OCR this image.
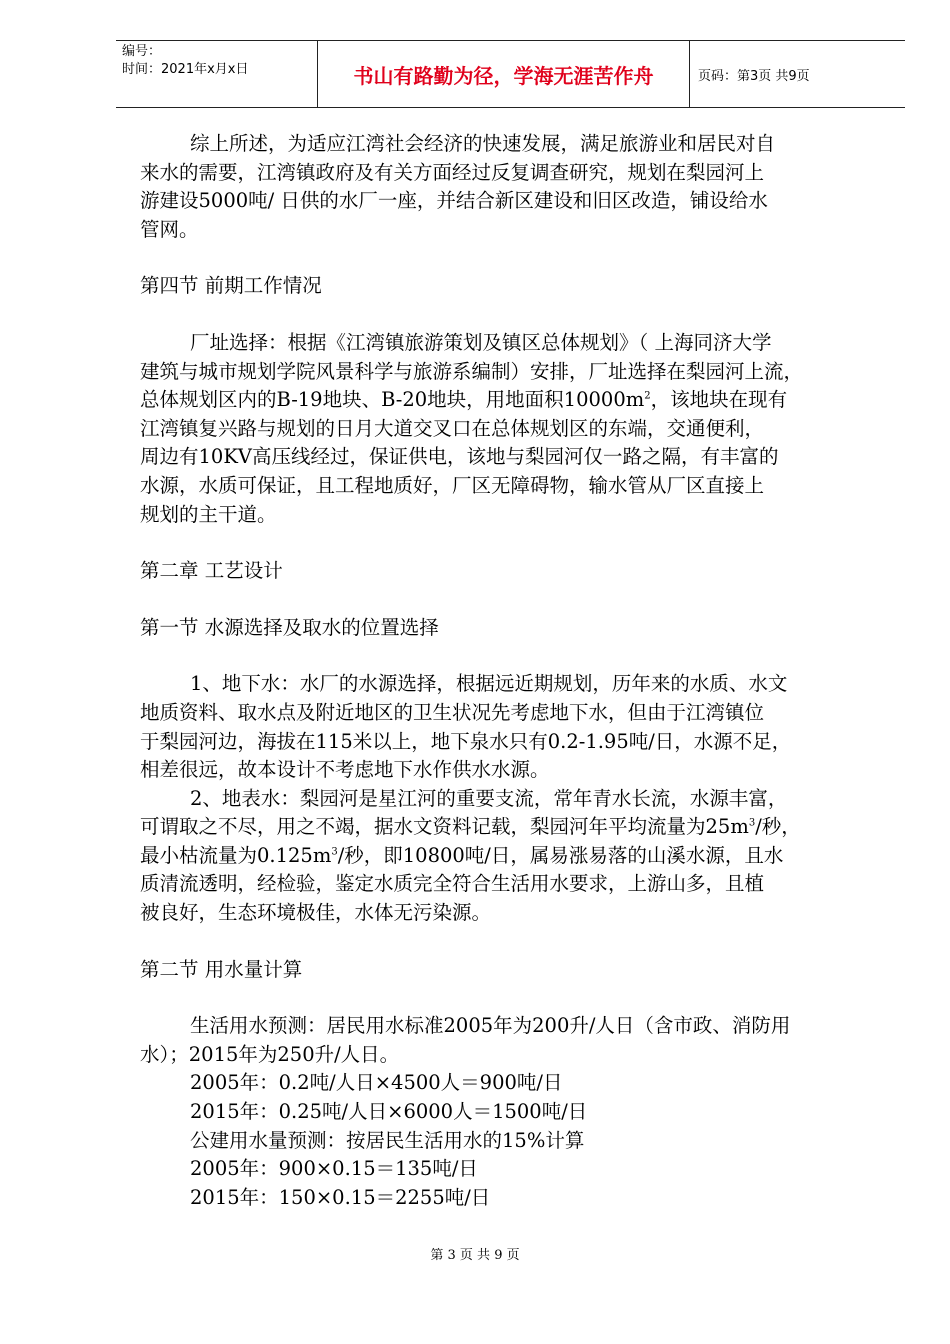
编号：
时间：2021年x月x日	书山有路勤为径，学海无涯苦作舟	页码：第3页 共9页

综上所述，为适应江湾社会经济的快速发展，满足旅游业和居民对自

来水的需要，江湾镇政府及有关方面经过反复调查研究，规划在梨园河上

游建设5000吨/ 日供的水厂一座，并结合新区建设和旧区改造，铺设给水

管网。

第四节 前期工作情况

厂址选择：根据《江湾镇旅游策划及镇区总体规划》（ 上海同济大学

建筑与城市规划学院风景科学与旅游系编制）安排，厂址选择在梨园河上流，

总体规划区内的B-19地块、B-20地块，用地面积$10000m^2$，该地块在现有

江湾镇复兴路与规划的日月大道交叉口在总体规划区的东端，交通便利，

周边有10KV高压线经过，保证供电，该地与梨园河仅一路之隔，有丰富的

水源，水质可保证，且工程地质好，厂区无障碍物，输水管从厂区直接上

规划的主干道。

第二章 工艺设计

第一节 水源选择及取水的位置选择

1、地下水：水厂的水源选择，根据远近期规划，历年来的水质、水文

地质资料、取水点及附近地区的卫生状况先考虑地下水，但由于江湾镇位

于梨园河边，海拔在115米以上，地下泉水只有0.2-1.95吨/日，水源不足，

相差很远，故本设计不考虑地下水作供水水源。

2、地表水：梨园河是星江河的重要支流，常年青水长流，水源丰富，

可谓取之不尽，用之不竭，据水文资料记载，梨园河年平均流量为$25m^3/$秒，

最小枯流量为$0.125m^3/$秒，即10800吨/日，属易涨易落的山溪水源，且水

质清流透明，经检验，鉴定水质完全符合生活用水要求，上游山多，且植

被良好，生态环境极佳，水体无污染源。

第二节 用水量计算

生活用水预测：居民用水标准2005年为200升/人日（含市政、消防用

水）；2015年为250升/人日。

2005年：0.2吨/人日×4500人＝900吨/日

2015年：0.25吨/人日×6000人＝1500吨/日

公建用水量预测：按居民生活用水的15%计算

2005年：900×0.15＝135吨/日

2015年：150×0.15＝2255吨/日

第 3 页 共 9 页
